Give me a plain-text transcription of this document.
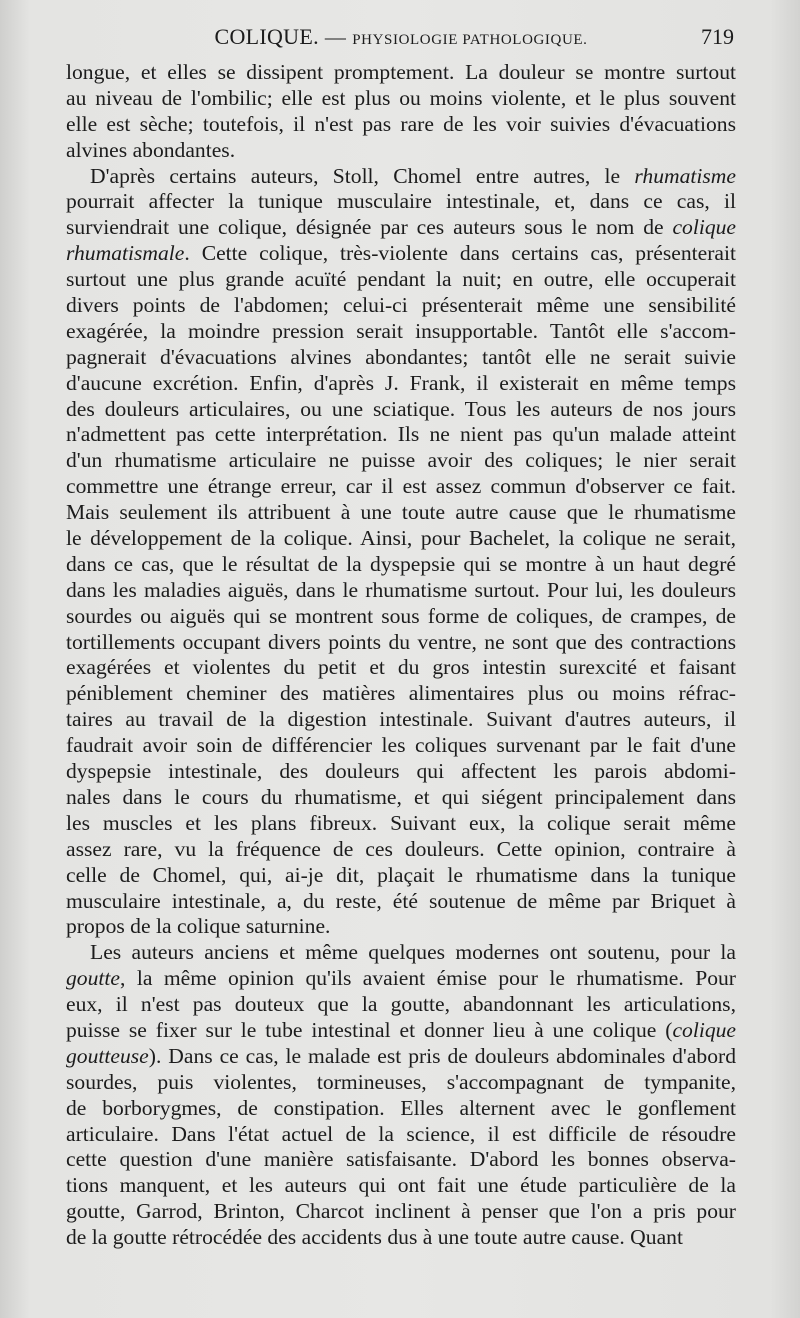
COLIQUE. — PHYSIOLOGIE PATHOLOGIQUE.	719
longue, et elles se dissipent promptement. La douleur se montre surtout
au niveau de l'ombilic; elle est plus ou moins violente, et le plus souvent
elle est sèche; toutefois, il n'est pas rare de les voir suivies d'évacuations
alvines abondantes.
D'après certains auteurs, Stoll, Chomel entre autres, le rhumatisme
pourrait affecter la tunique musculaire intestinale, et, dans ce cas, il
surviendrait une colique, désignée par ces auteurs sous le nom de colique
rhumatismale. Cette colique, très-violente dans certains cas, présenterait
surtout une plus grande acuïté pendant la nuit; en outre, elle occuperait
divers points de l'abdomen; celui-ci présenterait même une sensibilité
exagérée, la moindre pression serait insupportable. Tantôt elle s'accom-
pagnerait d'évacuations alvines abondantes; tantôt elle ne serait suivie
d'aucune excrétion. Enfin, d'après J. Frank, il existerait en même temps
des douleurs articulaires, ou une sciatique. Tous les auteurs de nos jours
n'admettent pas cette interprétation. Ils ne nient pas qu'un malade atteint
d'un rhumatisme articulaire ne puisse avoir des coliques; le nier serait
commettre une étrange erreur, car il est assez commun d'observer ce fait.
Mais seulement ils attribuent à une toute autre cause que le rhumatisme
le développement de la colique. Ainsi, pour Bachelet, la colique ne serait,
dans ce cas, que le résultat de la dyspepsie qui se montre à un haut degré
dans les maladies aiguës, dans le rhumatisme surtout. Pour lui, les douleurs
sourdes ou aiguës qui se montrent sous forme de coliques, de crampes, de
tortillements occupant divers points du ventre, ne sont que des contractions
exagérées et violentes du petit et du gros intestin surexcité et faisant
péniblement cheminer des matières alimentaires plus ou moins réfrac-
taires au travail de la digestion intestinale. Suivant d'autres auteurs, il
faudrait avoir soin de différencier les coliques survenant par le fait d'une
dyspepsie intestinale, des douleurs qui affectent les parois abdomi-
nales dans le cours du rhumatisme, et qui siégent principalement dans
les muscles et les plans fibreux. Suivant eux, la colique serait même
assez rare, vu la fréquence de ces douleurs. Cette opinion, contraire à
celle de Chomel, qui, ai-je dit, plaçait le rhumatisme dans la tunique
musculaire intestinale, a, du reste, été soutenue de même par Briquet à
propos de la colique saturnine.
Les auteurs anciens et même quelques modernes ont soutenu, pour la
goutte, la même opinion qu'ils avaient émise pour le rhumatisme. Pour
eux, il n'est pas douteux que la goutte, abandonnant les articulations,
puisse se fixer sur le tube intestinal et donner lieu à une colique (colique
goutteuse). Dans ce cas, le malade est pris de douleurs abdominales d'abord
sourdes, puis violentes, tormineuses, s'accompagnant de tympanite,
de borborygmes, de constipation. Elles alternent avec le gonflement
articulaire. Dans l'état actuel de la science, il est difficile de résoudre
cette question d'une manière satisfaisante. D'abord les bonnes observa-
tions manquent, et les auteurs qui ont fait une étude particulière de la
goutte, Garrod, Brinton, Charcot inclinent à penser que l'on a pris pour
de la goutte rétrocédée des accidents dus à une toute autre cause. Quant
